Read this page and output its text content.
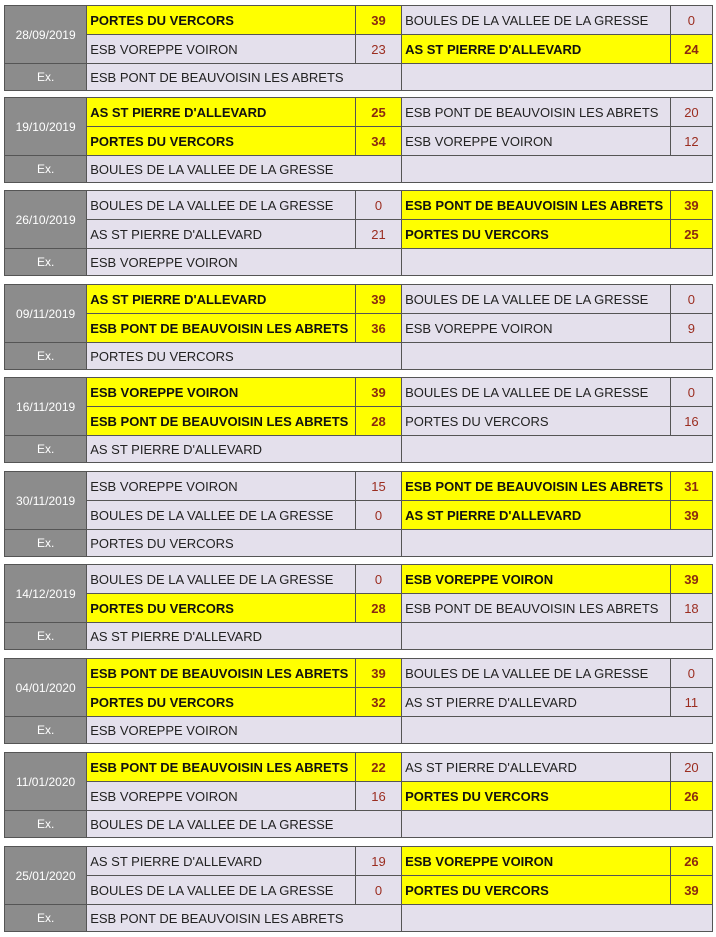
28/09/2019	PORTES DU VERCORS	39	BOULES DE LA VALLEE DE LA GRESSE	0
	ESB VOREPPE VOIRON	23	AS ST PIERRE D'ALLEVARD	24
Ex.	ESB PONT DE BEAUVOISIN LES ABRETS			
19/10/2019	AS ST PIERRE D'ALLEVARD	25	ESB PONT DE BEAUVOISIN LES ABRETS	20
	PORTES DU VERCORS	34	ESB VOREPPE VOIRON	12
Ex.	BOULES DE LA VALLEE DE LA GRESSE			
26/10/2019	BOULES DE LA VALLEE DE LA GRESSE	0	ESB PONT DE BEAUVOISIN LES ABRETS	39
	AS ST PIERRE D'ALLEVARD	21	PORTES DU VERCORS	25
Ex.	ESB VOREPPE VOIRON			
09/11/2019	AS ST PIERRE D'ALLEVARD	39	BOULES DE LA VALLEE DE LA GRESSE	0
	ESB PONT DE BEAUVOISIN LES ABRETS	36	ESB VOREPPE VOIRON	9
Ex.	PORTES DU VERCORS			
16/11/2019	ESB VOREPPE VOIRON	39	BOULES DE LA VALLEE DE LA GRESSE	0
	ESB PONT DE BEAUVOISIN LES ABRETS	28	PORTES DU VERCORS	16
Ex.	AS ST PIERRE D'ALLEVARD			
30/11/2019	ESB VOREPPE VOIRON	15	ESB PONT DE BEAUVOISIN LES ABRETS	31
	BOULES DE LA VALLEE DE LA GRESSE	0	AS ST PIERRE D'ALLEVARD	39
Ex.	PORTES DU VERCORS			
14/12/2019	BOULES DE LA VALLEE DE LA GRESSE	0	ESB VOREPPE VOIRON	39
	PORTES DU VERCORS	28	ESB PONT DE BEAUVOISIN LES ABRETS	18
Ex.	AS ST PIERRE D'ALLEVARD			
04/01/2020	ESB PONT DE BEAUVOISIN LES ABRETS	39	BOULES DE LA VALLEE DE LA GRESSE	0
	PORTES DU VERCORS	32	AS ST PIERRE D'ALLEVARD	11
Ex.	ESB VOREPPE VOIRON			
11/01/2020	ESB PONT DE BEAUVOISIN LES ABRETS	22	AS ST PIERRE D'ALLEVARD	20
	ESB VOREPPE VOIRON	16	PORTES DU VERCORS	26
Ex.	BOULES DE LA VALLEE DE LA GRESSE			
25/01/2020	AS ST PIERRE D'ALLEVARD	19	ESB VOREPPE VOIRON	26
	BOULES DE LA VALLEE DE LA GRESSE	0	PORTES DU VERCORS	39
Ex.	ESB PONT DE BEAUVOISIN LES ABRETS			
